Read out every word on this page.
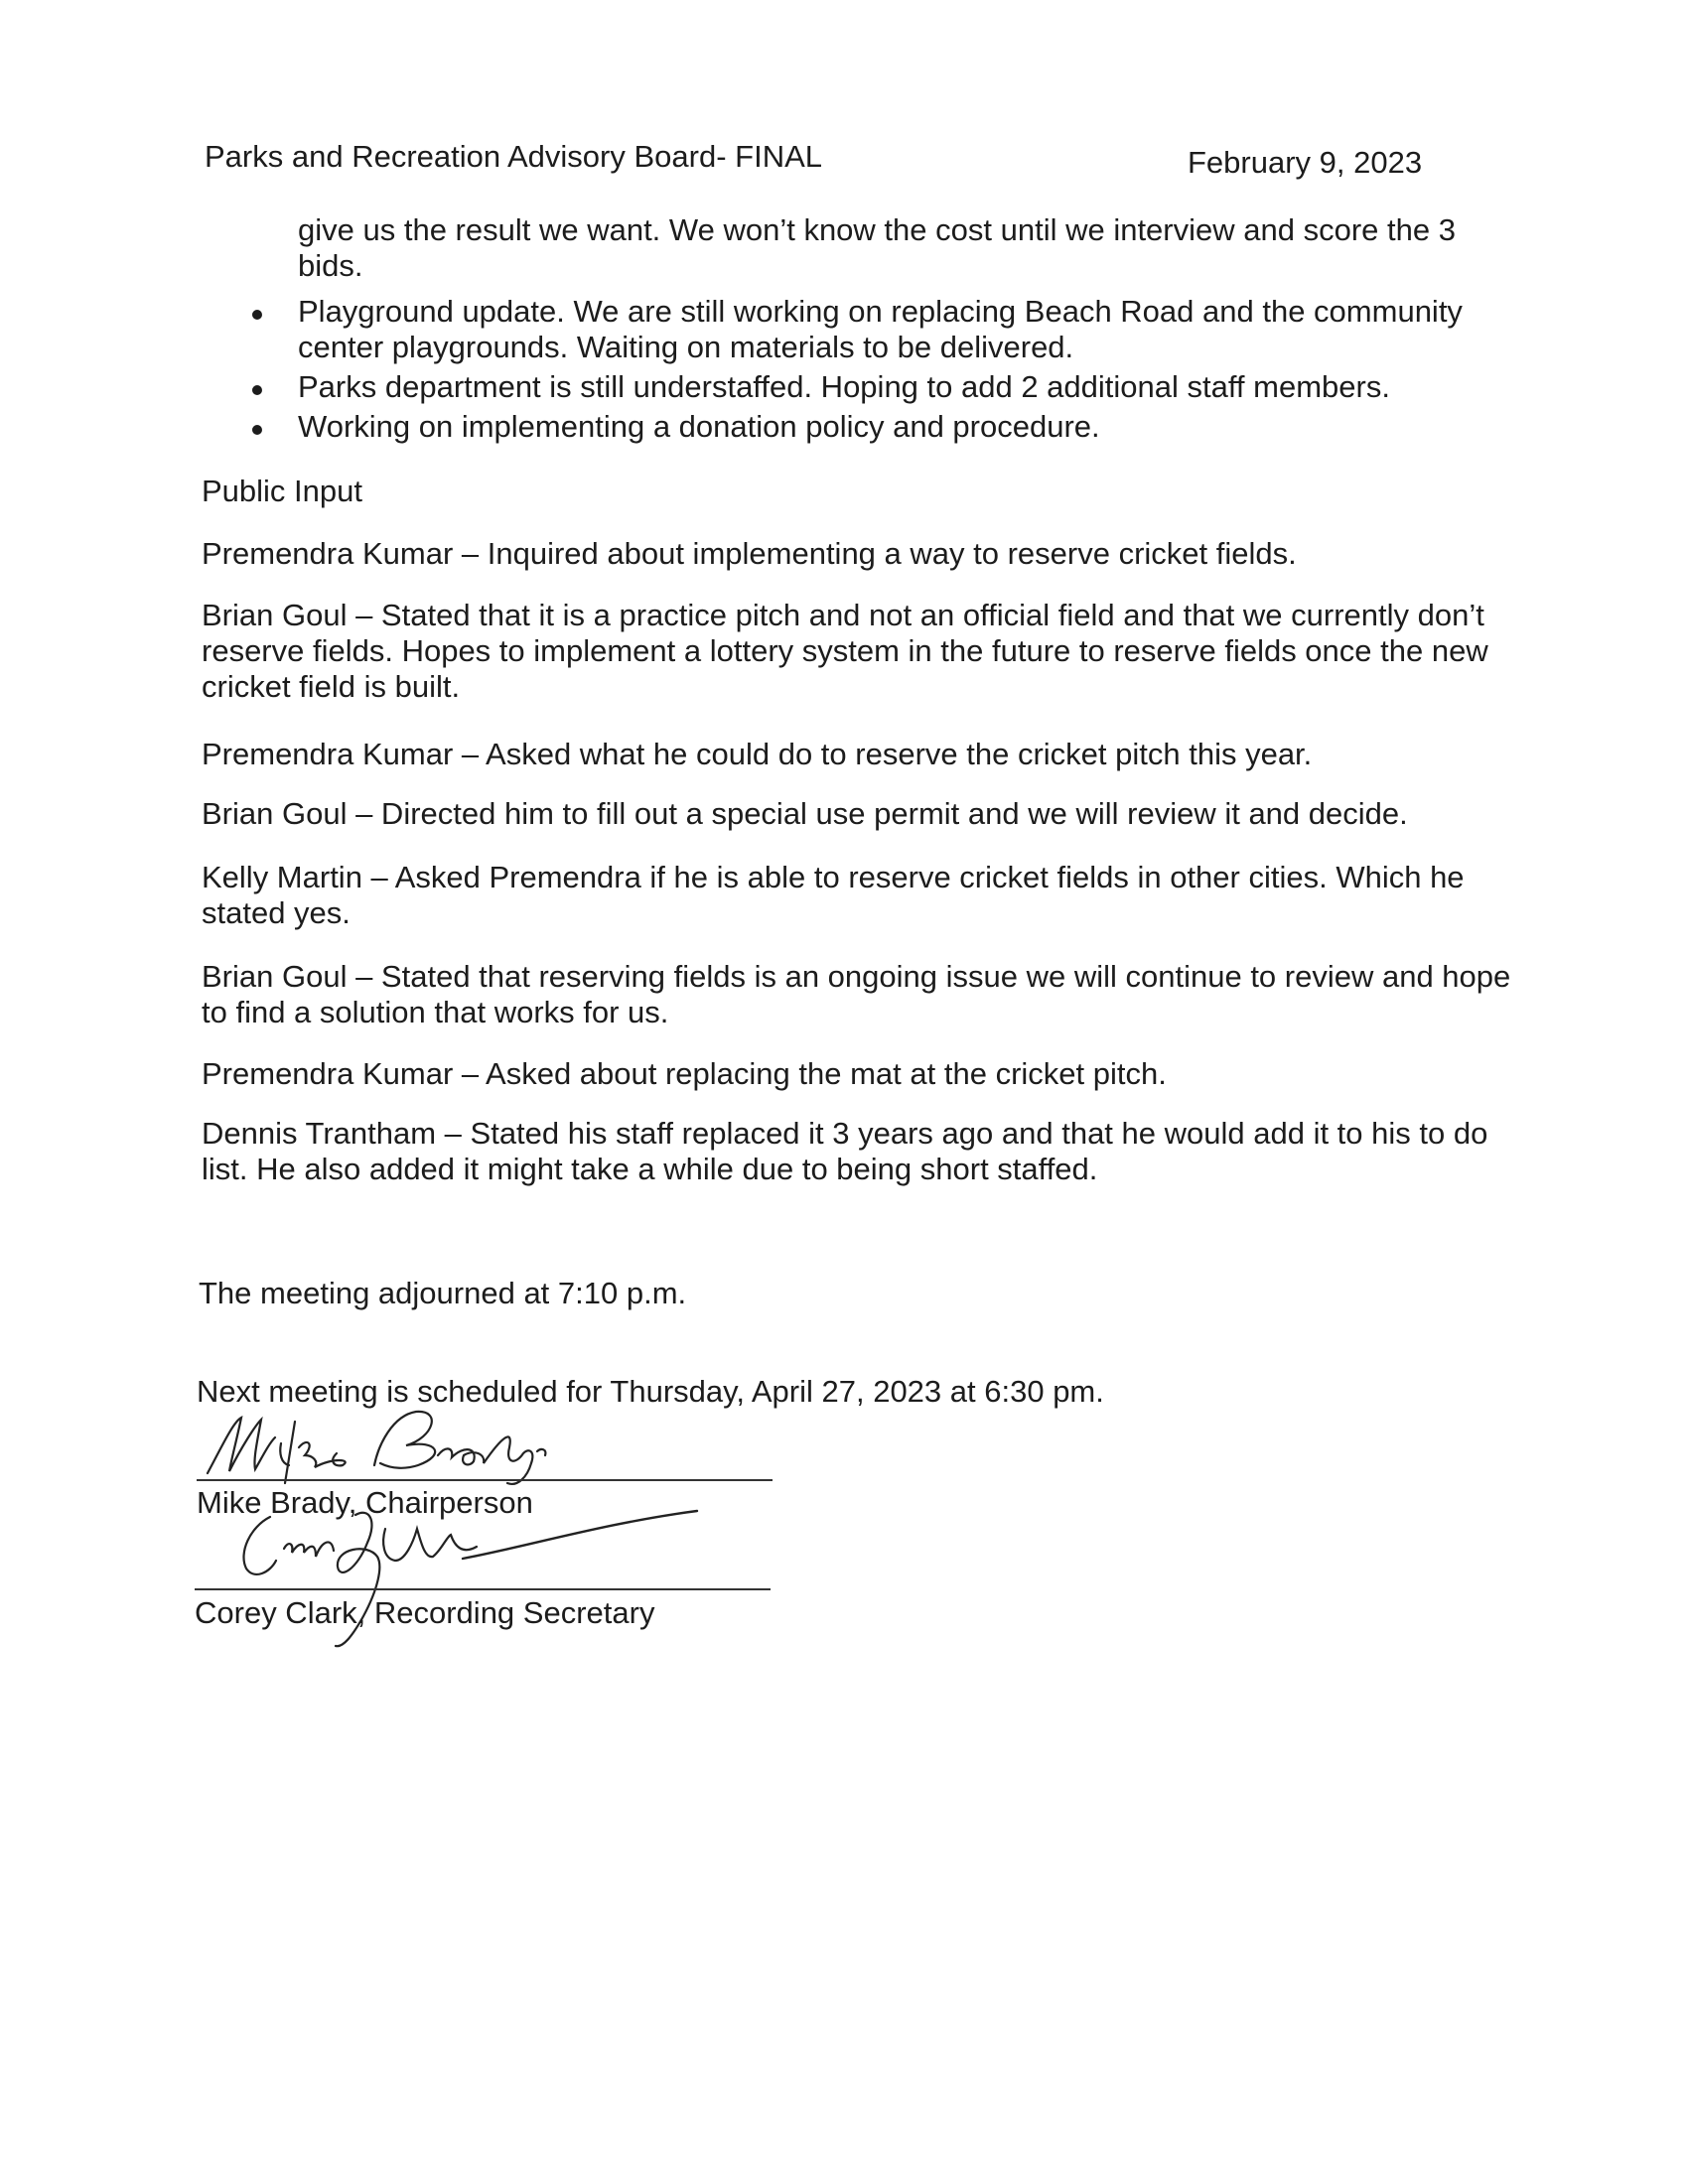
Parks and Recreation Advisory Board- FINAL	February 9, 2023
give us the result we want. We won’t know the cost until we interview and score the 3 bids.
Playground update. We are still working on replacing Beach Road and the community center playgrounds. Waiting on materials to be delivered.
Parks department is still understaffed. Hoping to add 2 additional staff members.
Working on implementing a donation policy and procedure.

Public Input

Premendra Kumar – Inquired about implementing a way to reserve cricket fields.

Brian Goul – Stated that it is a practice pitch and not an official field and that we currently don’t reserve fields. Hopes to implement a lottery system in the future to reserve fields once the new cricket field is built.

Premendra Kumar – Asked what he could do to reserve the cricket pitch this year.

Brian Goul – Directed him to fill out a special use permit and we will review it and decide.

Kelly Martin – Asked Premendra if he is able to reserve cricket fields in other cities. Which he stated yes.

Brian Goul – Stated that reserving fields is an ongoing issue we will continue to review and hope to find a solution that works for us.

Premendra Kumar – Asked about replacing the mat at the cricket pitch.

Dennis Trantham – Stated his staff replaced it 3 years ago and that he would add it to his to do list. He also added it might take a while due to being short staffed.

The meeting adjourned at 7:10 p.m.

Next meeting is scheduled for Thursday, April 27, 2023 at 6:30 pm.

Mike Brady, Chairperson
Corey Clark, Recording Secretary
